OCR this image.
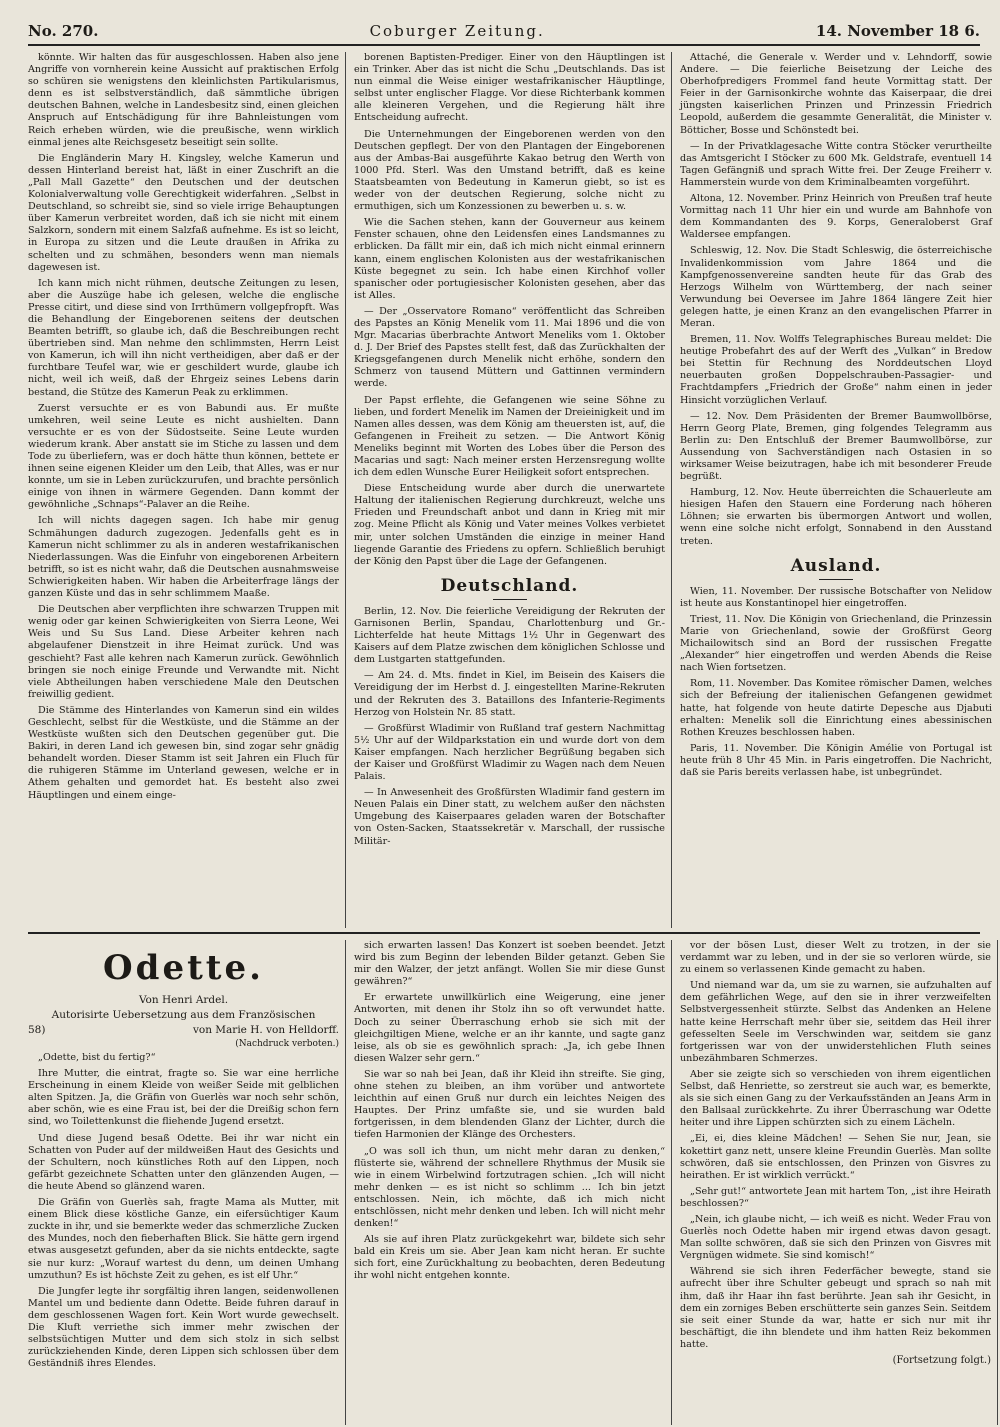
No. 270.	Coburger Zeitung.	14. November 18 6.

könnte. Wir halten das für ausgeschlossen. Haben also jene Angriffe von vornherein keine Aussicht auf praktischen Erfolg so schüren sie wenigstens den kleinlichsten Partikularismus, denn es ist selbstverständlich, daß sämmtliche übrigen deutschen Bahnen, welche in Landesbesitz sind, einen gleichen Anspruch auf Entschädigung für ihre Bahnleistungen vom Reich erheben würden, wie die preußische, wenn wirklich einmal jenes alte Reichsgesetz beseitigt sein sollte.

Die Engländerin Mary H. Kingsley, welche Kamerun und dessen Hinterland bereist hat, läßt in einer Zuschrift an die „Pall Mall Gazette“ den Deutschen und der deutschen Kolonialverwaltung volle Gerechtigkeit widerfahren. „Selbst in Deutschland, so schreibt sie, sind so viele irrige Behauptungen über Kamerun verbreitet worden, daß ich sie nicht mit einem Salzkorn, sondern mit einem Salzfaß aufnehme. Es ist so leicht, in Europa zu sitzen und die Leute draußen in Afrika zu schelten und zu schmähen, besonders wenn man niemals dagewesen ist.

Ich kann mich nicht rühmen, deutsche Zeitungen zu lesen, aber die Auszüge habe ich gelesen, welche die englische Presse citirt, und diese sind von Irrthümern vollgepfropft. Was die Behandlung der Eingeborenen seitens der deutschen Beamten betrifft, so glaube ich, daß die Beschreibungen recht übertrieben sind. Man nehme den schlimmsten, Herrn Leist von Kamerun, ich will ihn nicht vertheidigen, aber daß er der furchtbare Teufel war, wie er geschildert wurde, glaube ich nicht, weil ich weiß, daß der Ehrgeiz seines Lebens darin bestand, die Stütze des Kamerun Peak zu erklimmen.

Zuerst versuchte er es von Babundi aus. Er mußte umkehren, weil seine Leute es nicht aushielten. Dann versuchte er es von der Südostseite. Seine Leute wurden wiederum krank. Aber anstatt sie im Stiche zu lassen und dem Tode zu überliefern, was er doch hätte thun können, bettete er ihnen seine eigenen Kleider um den Leib, that Alles, was er nur konnte, um sie in Leben zurückzurufen, und brachte persönlich einige von ihnen in wärmere Gegenden. Dann kommt der gewöhnliche „Schnaps“-Palaver an die Reihe.

Ich will nichts dagegen sagen. Ich habe mir genug Schmähungen dadurch zugezogen. Jedenfalls geht es in Kamerun nicht schlimmer zu als in anderen westafrikanischen Niederlassungen. Was die Einfuhr von eingeborenen Arbeitern betrifft, so ist es nicht wahr, daß die Deutschen ausnahmsweise Schwierigkeiten haben. Wir haben die Arbeiterfrage längs der ganzen Küste und das in sehr schlimmem Maaße.

Die Deutschen aber verpflichten ihre schwarzen Truppen mit wenig oder gar keinen Schwierigkeiten von Sierra Leone, Wei Weis und Su Sus Land. Diese Arbeiter kehren nach abgelaufener Dienstzeit in ihre Heimat zurück. Und was geschieht? Fast alle kehren nach Kamerun zurück. Gewöhnlich bringen sie noch einige Freunde und Verwandte mit. Nicht viele Abtheilungen haben verschiedene Male den Deutschen freiwillig gedient.

Die Stämme des Hinterlandes von Kamerun sind ein wildes Geschlecht, selbst für die Westküste, und die Stämme an der Westküste wußten sich den Deutschen gegenüber gut. Die Bakiri, in deren Land ich gewesen bin, sind zogar sehr gnädig behandelt worden. Dieser Stamm ist seit Jahren ein Fluch für die ruhigeren Stämme im Unterland gewesen, welche er in Athem gehalten und gemordet hat. Es besteht also zwei Häuptlingen und einem einge-

borenen Baptisten-Prediger. Einer von den Häuptlingen ist ein Trinker. Aber das ist nicht die Schu „Deutschlands. Das ist nun einmal die Weise einiger westafrikanischer Häuptlinge, selbst unter englischer Flagge. Vor diese Richterbank kommen alle kleineren Vergehen, und die Regierung hält ihre Entscheidung aufrecht.

Die Unternehmungen der Eingeborenen werden von den Deutschen gepflegt. Der von den Plantagen der Eingeborenen aus der Ambas-Bai ausgeführte Kakao betrug den Werth von 1000 Pfd. Sterl. Was den Umstand betrifft, daß es keine Staatsbeamten von Bedeutung in Kamerun giebt, so ist es weder von der deutschen Regierung, solche nicht zu ermuthigen, sich um Konzessionen zu bewerben u. s. w.

Wie die Sachen stehen, kann der Gouverneur aus keinem Fenster schauen, ohne den Leidensfen eines Landsmannes zu erblicken. Da fällt mir ein, daß ich mich nicht einmal erinnern kann, einem englischen Kolonisten aus der westafrikanischen Küste begegnet zu sein. Ich habe einen Kirchhof voller spanischer oder portugiesischer Kolonisten gesehen, aber das ist Alles.

— Der „Osservatore Romano“ veröffentlicht das Schreiben des Papstes an König Menelik vom 11. Mai 1896 und die von Mgr. Macarias überbrachte Antwort Meneliks vom 1. Oktober d. J. Der Brief des Papstes stellt fest, daß das Zurückhalten der Kriegsgefangenen durch Menelik nicht erhöhe, sondern den Schmerz von tausend Müttern und Gattinnen vermindern werde.

Der Papst erflehte, die Gefangenen wie seine Söhne zu lieben, und fordert Menelik im Namen der Dreieinigkeit und im Namen alles dessen, was dem König am theuersten ist, auf, die Gefangenen in Freiheit zu setzen. — Die Antwort König Meneliks beginnt mit Worten des Lobes über die Person des Macarias und sagt: Nach meiner ersten Herzensregung wollte ich dem edlen Wunsche Eurer Heiligkeit sofort entsprechen.

Diese Entscheidung wurde aber durch die unerwartete Haltung der italienischen Regierung durchkreuzt, welche uns Frieden und Freundschaft anbot und dann in Krieg mit mir zog. Meine Pflicht als König und Vater meines Volkes verbietet mir, unter solchen Umständen die einzige in meiner Hand liegende Garantie des Friedens zu opfern. Schließlich beruhigt der König den Papst über die Lage der Gefangenen.

Deutschland.

Berlin, 12. Nov. Die feierliche Vereidigung der Rekruten der Garnisonen Berlin, Spandau, Charlottenburg und Gr.-Lichterfelde hat heute Mittags 1½ Uhr in Gegenwart des Kaisers auf dem Platze zwischen dem königlichen Schlosse und dem Lustgarten stattgefunden.

— Am 24. d. Mts. findet in Kiel, im Beisein des Kaisers die Vereidigung der im Herbst d. J. eingestellten Marine-Rekruten und der Rekruten des 3. Bataillons des Infanterie-Regiments Herzog von Holstein Nr. 85 statt.

— Großfürst Wladimir von Rußland traf gestern Nachmittag 5½ Uhr auf der Wildparkstation ein und wurde dort von dem Kaiser empfangen. Nach herzlicher Begrüßung begaben sich der Kaiser und Großfürst Wladimir zu Wagen nach dem Neuen Palais.

— In Anwesenheit des Großfürsten Wladimir fand gestern im Neuen Palais ein Diner statt, zu welchem außer den nächsten Umgebung des Kaiserpaares geladen waren der Botschafter von Osten-Sacken, Staatssekretär v. Marschall, der russische Militär-

Attaché, die Generale v. Werder und v. Lehndorff, sowie Andere. — Die feierliche Beisetzung der Leiche des Oberhofpredigers Frommel fand heute Vormittag statt. Der Feier in der Garnisonkirche wohnte das Kaiserpaar, die drei jüngsten kaiserlichen Prinzen und Prinzessin Friedrich Leopold, außerdem die gesammte Generalität, die Minister v. Bötticher, Bosse und Schönstedt bei.

— In der Privatklagesache Witte contra Stöcker verurtheilte das Amtsgericht I Stöcker zu 600 Mk. Geldstrafe, eventuell 14 Tagen Gefängniß und sprach Witte frei. Der Zeuge Freiherr v. Hammerstein wurde von dem Kriminalbeamten vorgeführt.

Altona, 12. November. Prinz Heinrich von Preußen traf heute Vormittag nach 11 Uhr hier ein und wurde am Bahnhofe von dem Kommandanten des 9. Korps, Generaloberst Graf Waldersee empfangen.

Schleswig, 12. Nov. Die Stadt Schleswig, die österreichische Invalidenkommission vom Jahre 1864 und die Kampfgenossenvereine sandten heute für das Grab des Herzogs Wilhelm von Württemberg, der nach seiner Verwundung bei Oeversee im Jahre 1864 längere Zeit hier gelegen hatte, je einen Kranz an den evangelischen Pfarrer in Meran.

Bremen, 11. Nov. Wolffs Telegraphisches Bureau meldet: Die heutige Probefahrt des auf der Werft des „Vulkan“ in Bredow bei Stettin für Rechnung des Norddeutschen Lloyd neuerbauten großen Doppelschrauben-Passagier- und Frachtdampfers „Friedrich der Große“ nahm einen in jeder Hinsicht vorzüglichen Verlauf.

— 12. Nov. Dem Präsidenten der Bremer Baumwollbörse, Herrn Georg Plate, Bremen, ging folgendes Telegramm aus Berlin zu: Den Entschluß der Bremer Baumwollbörse, zur Aussendung von Sachverständigen nach Ostasien in so wirksamer Weise beizutragen, habe ich mit besonderer Freude begrüßt.

Hamburg, 12. Nov. Heute überreichten die Schauerleute am hiesigen Hafen den Stauern eine Forderung nach höheren Löhnen; sie erwarten bis übermorgen Antwort und wollen, wenn eine solche nicht erfolgt, Sonnabend in den Ausstand treten.

Ausland.

Wien, 11. November. Der russische Botschafter von Nelidow ist heute aus Konstantinopel hier eingetroffen.

Triest, 11. Nov. Die Königin von Griechenland, die Prinzessin Marie von Griechenland, sowie der Großfürst Georg Michailowitsch sind an Bord der russischen Fregatte „Alexander“ hier eingetroffen und werden Abends die Reise nach Wien fortsetzen.

Rom, 11. November. Das Komitee römischer Damen, welches sich der Befreiung der italienischen Gefangenen gewidmet hatte, hat folgende von heute datirte Depesche aus Djabuti erhalten: Menelik soll die Einrichtung eines abessinischen Rothen Kreuzes beschlossen haben.

Paris, 11. November. Die Königin Amélie von Portugal ist heute früh 8 Uhr 45 Min. in Paris eingetroffen. Die Nachricht, daß sie Paris bereits verlassen habe, ist unbegründet.

Odette.
Von Henri Ardel.
Autorisirte Uebersetzung aus dem Französischen
58)	von Marie H. von Helldorff.
(Nachdruck verboten.)

„Odette, bist du fertig?“

Ihre Mutter, die eintrat, fragte so. Sie war eine herrliche Erscheinung in einem Kleide von weißer Seide mit gelblichen alten Spitzen. Ja, die Gräfin von Guerlès war noch sehr schön, aber schön, wie es eine Frau ist, bei der die Dreißig schon fern sind, wo Toilettenkunst die fliehende Jugend ersetzt.

Und diese Jugend besaß Odette. Bei ihr war nicht ein Schatten von Puder auf der mildweißen Haut des Gesichts und der Schultern, noch künstliches Roth auf den Lippen, noch gefärbt gezeichnete Schatten unter den glänzenden Augen, — die heute Abend so glänzend waren.

Die Gräfin von Guerlès sah, fragte Mama als Mutter, mit einem Blick diese köstliche Ganze, ein eifersüchtiger Kaum zuckte in ihr, und sie bemerkte weder das schmerzliche Zucken des Mundes, noch den fieberhaften Blick. Sie hätte gern irgend etwas ausgesetzt gefunden, aber da sie nichts entdeckte, sagte sie nur kurz: „Worauf wartest du denn, um deinen Umhang umzuthun? Es ist höchste Zeit zu gehen, es ist elf Uhr.“

Die Jungfer legte ihr sorgfältig ihren langen, seidenwollenen Mantel um und bediente dann Odette. Beide fuhren darauf in dem geschlossenen Wagen fort. Kein Wort wurde gewechselt. Die Kluft verriethe sich immer mehr zwischen der selbstsüchtigen Mutter und dem sich stolz in sich selbst zurückziehenden Kinde, deren Lippen sich schlossen über dem Geständniß ihres Elendes.

sich erwarten lassen! Das Konzert ist soeben beendet. Jetzt wird bis zum Beginn der lebenden Bilder getanzt. Geben Sie mir den Walzer, der jetzt anfängt. Wollen Sie mir diese Gunst gewähren?“

Er erwartete unwillkürlich eine Weigerung, eine jener Antworten, mit denen ihr Stolz ihn so oft verwundet hatte. Doch zu seiner Überraschung erhob sie sich mit der gleichgiltigen Miene, welche er an ihr kannte, und sagte ganz leise, als ob sie es gewöhnlich sprach: „Ja, ich gebe Ihnen diesen Walzer sehr gern.“

Sie war so nah bei Jean, daß ihr Kleid ihn streifte. Sie ging, ohne stehen zu bleiben, an ihm vorüber und antwortete leichthin auf einen Gruß nur durch ein leichtes Neigen des Hauptes. Der Prinz umfaßte sie, und sie wurden bald fortgerissen, in dem blendenden Glanz der Lichter, durch die tiefen Harmonien der Klänge des Orchesters.

„O was soll ich thun, um nicht mehr daran zu denken,“ flüsterte sie, während der schnellere Rhythmus der Musik sie wie in einem Wirbelwind fortzutragen schien. „Ich will nicht mehr denken — es ist nicht so schlimm ... Ich bin jetzt entschlossen. Nein, ich möchte, daß ich mich nicht entschlössen, nicht mehr denken und leben. Ich will nicht mehr denken!“

Als sie auf ihren Platz zurückgekehrt war, bildete sich sehr bald ein Kreis um sie. Aber Jean kam nicht heran. Er suchte sich fort, eine Zurückhaltung zu beobachten, deren Bedeutung ihr wohl nicht entgehen konnte.

vor der bösen Lust, dieser Welt zu trotzen, in der sie verdammt war zu leben, und in der sie so verloren würde, sie zu einem so verlassenen Kinde gemacht zu haben.

Und niemand war da, um sie zu warnen, sie aufzuhalten auf dem gefährlichen Wege, auf den sie in ihrer verzweifelten Selbstvergessenheit stürzte. Selbst das Andenken an Helene hatte keine Herrschaft mehr über sie, seitdem das Heil ihrer gefesselten Seele im Verschwinden war, seitdem sie ganz fortgerissen war von der unwiderstehlichen Fluth seines unbezähmbaren Schmerzes.

Aber sie zeigte sich so verschieden von ihrem eigentlichen Selbst, daß Henriette, so zerstreut sie auch war, es bemerkte, als sie sich einen Gang zu der Verkaufsständen an Jeans Arm in den Ballsaal zurückkehrte. Zu ihrer Überraschung war Odette heiter und ihre Lippen schürzten sich zu einem Lächeln.

„Ei, ei, dies kleine Mädchen! — Sehen Sie nur, Jean, sie kokettirt ganz nett, unsere kleine Freundin Guerlès. Man sollte schwören, daß sie entschlossen, den Prinzen von Gisvres zu heirathen. Er ist wirklich verrückt.“

„Sehr gut!“ antwortete Jean mit hartem Ton, „ist ihre Heirath beschlossen?“

„Nein, ich glaube nicht, — ich weiß es nicht. Weder Frau von Guerlès noch Odette haben mir irgend etwas davon gesagt. Man sollte schwören, daß sie sich den Prinzen von Gisvres mit Vergnügen widmete. Sie sind komisch!“

Während sie sich ihren Federfächer bewegte, stand sie aufrecht über ihre Schulter gebeugt und sprach so nah mit ihm, daß ihr Haar ihn fast berührte. Jean sah ihr Gesicht, in dem ein zorniges Beben erschütterte sein ganzes Sein. Seitdem sie seit einer Stunde da war, hatte er sich nur mit ihr beschäftigt, die ihn blendete und ihm hatten Reiz bekommen hatte.

(Fortsetzung folgt.)
